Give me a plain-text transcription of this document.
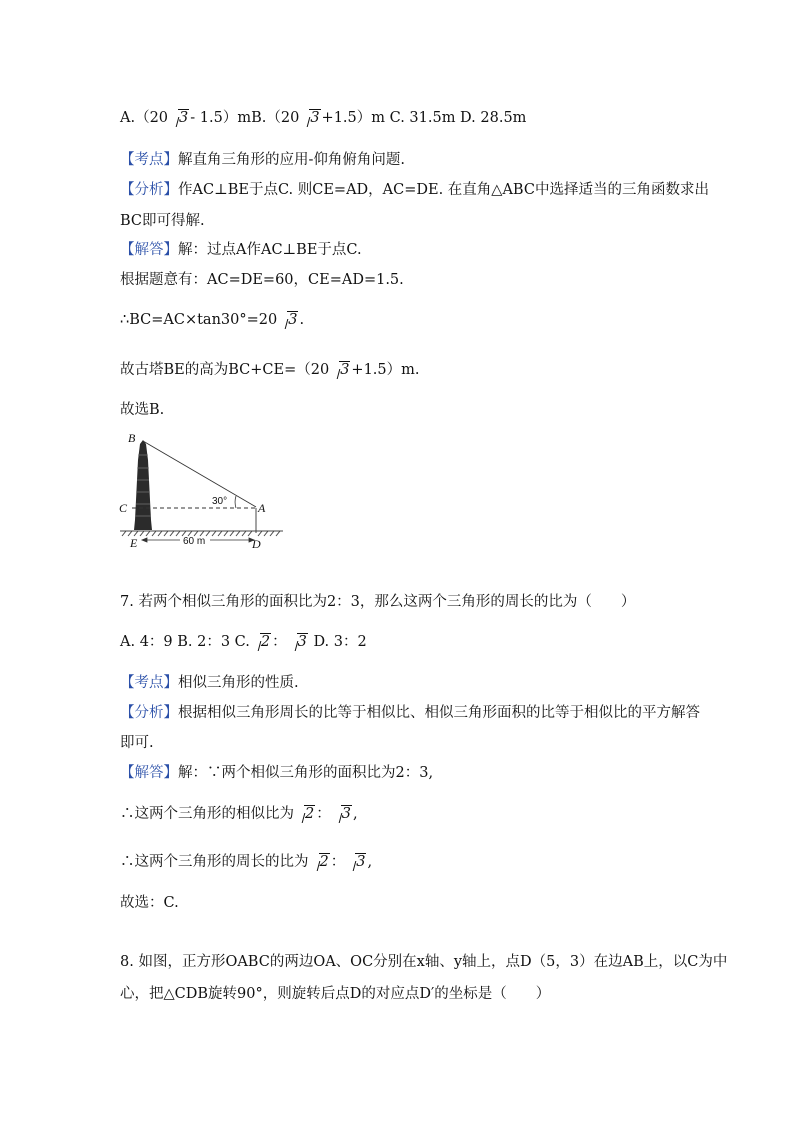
A.（20 3 - 1.5）mB.（20 3 +1.5）m C. 31.5m D. 28.5m
【考点】解直角三角形的应用-仰角俯角问题.
【分析】作AC⊥BE于点C. 则CE=AD，AC=DE. 在直角△ABC中选择适当的三角函数求出
BC即可得解.
【解答】解：过点A作AC⊥BE于点C.
根据题意有：AC=DE=60，CE=AD=1.5.
∴BC=AC×tan30°=20 3 .
故古塔BE的高为BC+CE=（20 3 +1.5）m.
故选B.
B
C	A
E	D
30°
60 m
7. 若两个相似三角形的面积比为2：3，那么这两个三角形的周长的比为（　　）
A. 4：9 B. 2：3 C. 2 ： 3 D. 3：2
【考点】相似三角形的性质.
【分析】根据相似三角形周长的比等于相似比、相似三角形面积的比等于相似比的平方解答
即可.
【解答】解：∵两个相似三角形的面积比为2：3,
∴这两个三角形的相似比为 2 ： 3 ,
∴这两个三角形的周长的比为 2 ： 3 ,
故选：C.
8. 如图，正方形OABC的两边OA、OC分别在x轴、y轴上，点D（5，3）在边AB上，以C为中
心，把△CDB旋转90°，则旋转后点D的对应点D′的坐标是（　　）
